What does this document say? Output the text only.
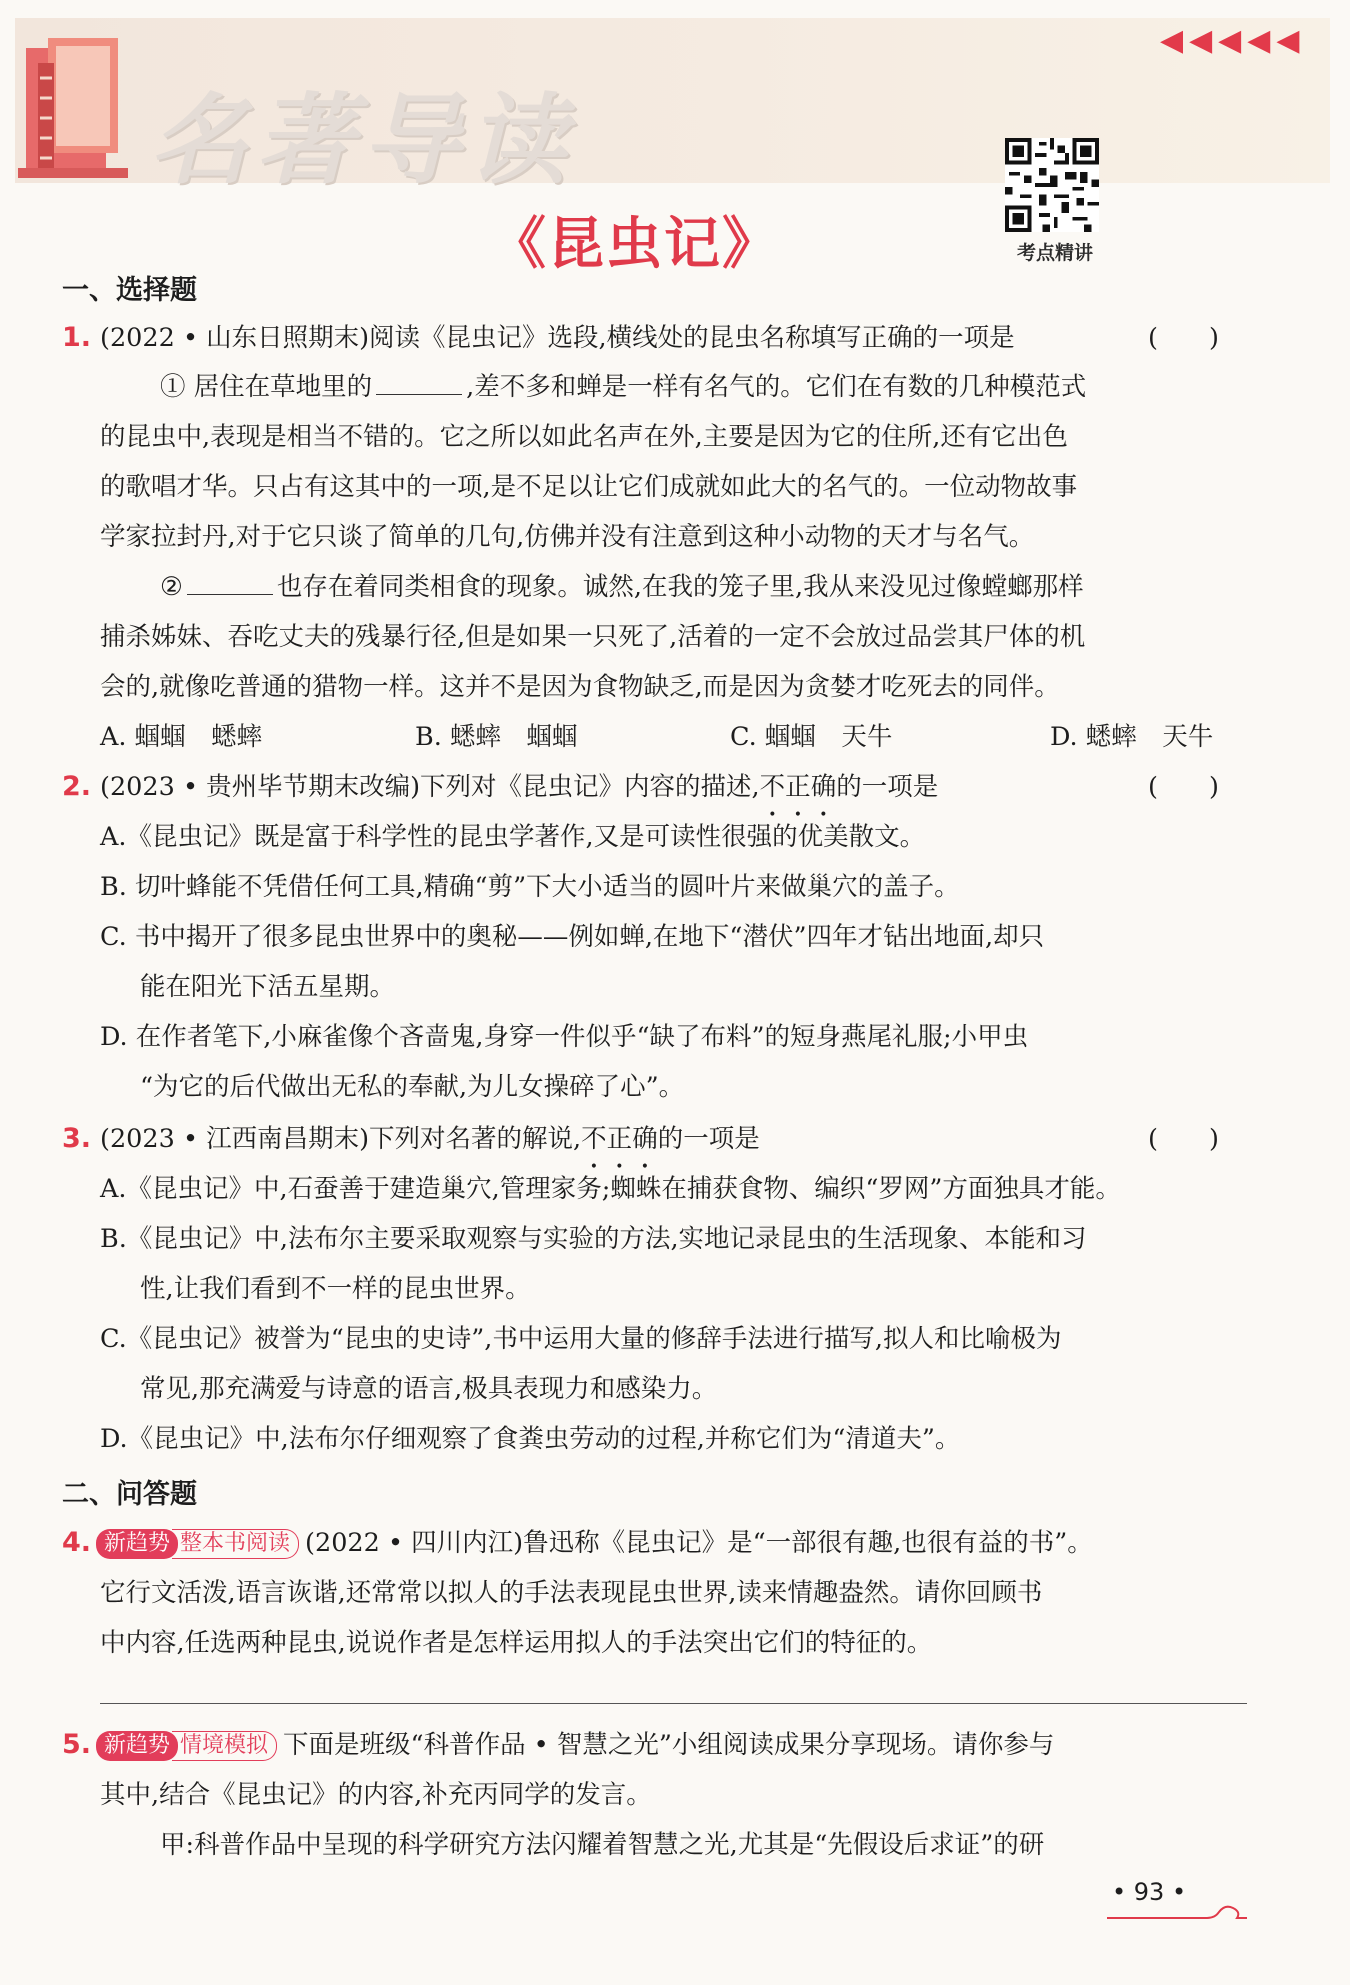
名著导读
◀ ◀ ◀ ◀ ◀
考点精讲
《昆虫记》
一、选择题
1. (2022 • 山东日照期末)阅读《昆虫记》选段,横线处的昆虫名称填写正确的一项是	(　　)
① 居住在草地里的	,差不多和蝉是一样有名气的。它们在有数的几种模范式
的昆虫中,表现是相当不错的。它之所以如此名声在外,主要是因为它的住所,还有它出色
的歌唱才华。只占有这其中的一项,是不足以让它们成就如此大的名气的。一位动物故事
学家拉封丹,对于它只谈了简单的几句,仿佛并没有注意到这种小动物的天才与名气。
②	也存在着同类相食的现象。诚然,在我的笼子里,我从来没见过像螳螂那样
捕杀姊妹、吞吃丈夫的残暴行径,但是如果一只死了,活着的一定不会放过品尝其尸体的机
会的,就像吃普通的猎物一样。这并不是因为食物缺乏,而是因为贪婪才吃死去的同伴。
A. 蝈蝈　蟋蟀	B. 蟋蟀　蝈蝈	C. 蝈蝈　天牛	D. 蟋蟀　天牛
2. (2023 • 贵州毕节期末改编)下列对《昆虫记》内容的描述,不正确的一项是	(　　)
A.《昆虫记》既是富于科学性的昆虫学著作,又是可读性很强的优美散文。
B. 切叶蜂能不凭借任何工具,精确“剪”下大小适当的圆叶片来做巢穴的盖子。
C. 书中揭开了很多昆虫世界中的奥秘——例如蝉,在地下“潜伏”四年才钻出地面,却只
能在阳光下活五星期。
D. 在作者笔下,小麻雀像个吝啬鬼,身穿一件似乎“缺了布料”的短身燕尾礼服;小甲虫
“为它的后代做出无私的奉献,为儿女操碎了心”。
3. (2023 • 江西南昌期末)下列对名著的解说,不正确的一项是	(　　)
A.《昆虫记》中,石蚕善于建造巢穴,管理家务;蜘蛛在捕获食物、编织“罗网”方面独具才能。
B.《昆虫记》中,法布尔主要采取观察与实验的方法,实地记录昆虫的生活现象、本能和习
性,让我们看到不一样的昆虫世界。
C.《昆虫记》被誉为“昆虫的史诗”,书中运用大量的修辞手法进行描写,拟人和比喻极为
常见,那充满爱与诗意的语言,极具表现力和感染力。
D.《昆虫记》中,法布尔仔细观察了食粪虫劳动的过程,并称它们为“清道夫”。
二、问答题
4. 新趋势 整本书阅读 (2022 • 四川内江)鲁迅称《昆虫记》是“一部很有趣,也很有益的书”。
它行文活泼,语言诙谐,还常常以拟人的手法表现昆虫世界,读来情趣盎然。请你回顾书
中内容,任选两种昆虫,说说作者是怎样运用拟人的手法突出它们的特征的。
5. 新趋势 情境模拟 下面是班级“科普作品 • 智慧之光”小组阅读成果分享现场。请你参与
其中,结合《昆虫记》的内容,补充丙同学的发言。
甲:科普作品中呈现的科学研究方法闪耀着智慧之光,尤其是“先假设后求证”的研
• 93 •
